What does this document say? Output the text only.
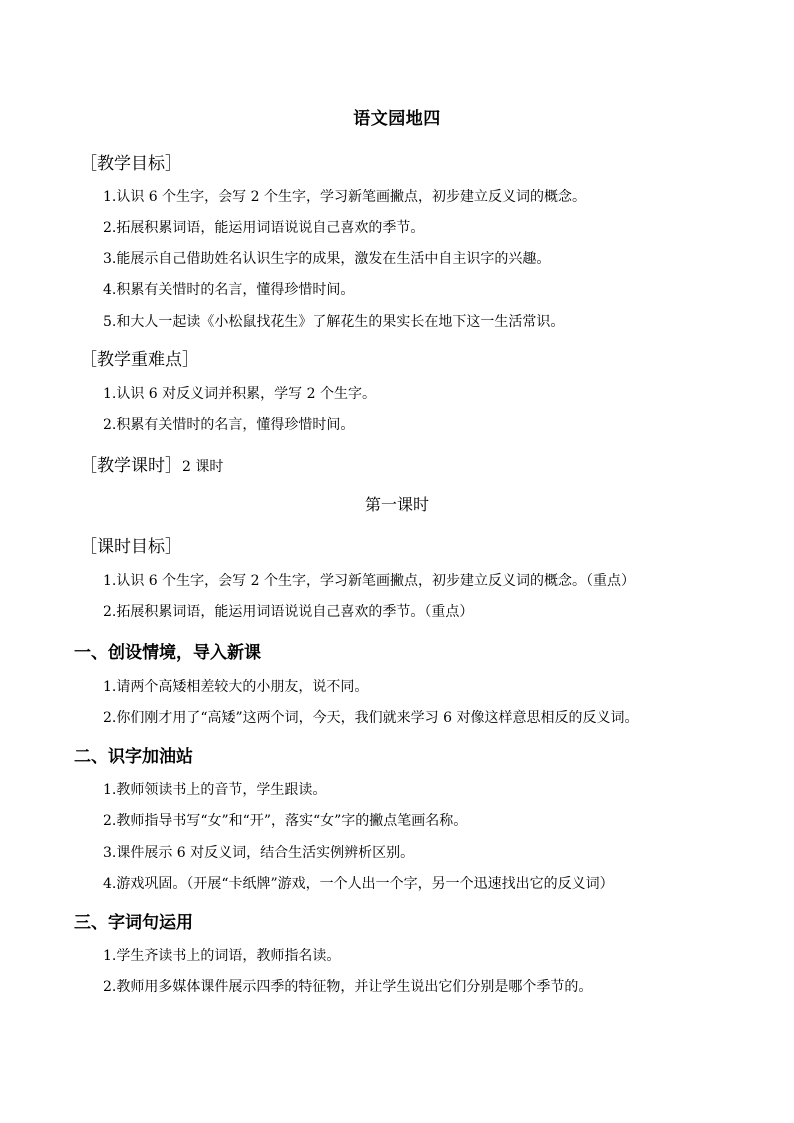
语文园地四
［教学目标］
1.认识 6 个生字，会写 2 个生字，学习新笔画撇点，初步建立反义词的概念。
2.拓展积累词语，能运用词语说说自己喜欢的季节。
3.能展示自己借助姓名认识生字的成果，激发在生活中自主识字的兴趣。
4.积累有关惜时的名言，懂得珍惜时间。
5.和大人一起读《小松鼠找花生》了解花生的果实长在地下这一生活常识。
［教学重难点］
1.认识 6 对反义词并积累，学写 2 个生字。
2.积累有关惜时的名言，懂得珍惜时间。
［教学课时］2 课时
第一课时
［课时目标］
1.认识 6 个生字，会写 2 个生字，学习新笔画撇点，初步建立反义词的概念。（重点）
2.拓展积累词语，能运用词语说说自己喜欢的季节。（重点）
一、创设情境，导入新课
1.请两个高矮相差较大的小朋友，说不同。
2.你们刚才用了“高矮”这两个词，今天，我们就来学习 6 对像这样意思相反的反义词。
二、识字加油站
1.教师领读书上的音节，学生跟读。
2.教师指导书写“女”和“开”，落实“女”字的撇点笔画名称。
3.课件展示 6 对反义词，结合生活实例辨析区别。
4.游戏巩固。（开展“卡纸牌”游戏，一个人出一个字，另一个迅速找出它的反义词）
三、字词句运用
1.学生齐读书上的词语，教师指名读。
2.教师用多媒体课件展示四季的特征物，并让学生说出它们分别是哪个季节的。
